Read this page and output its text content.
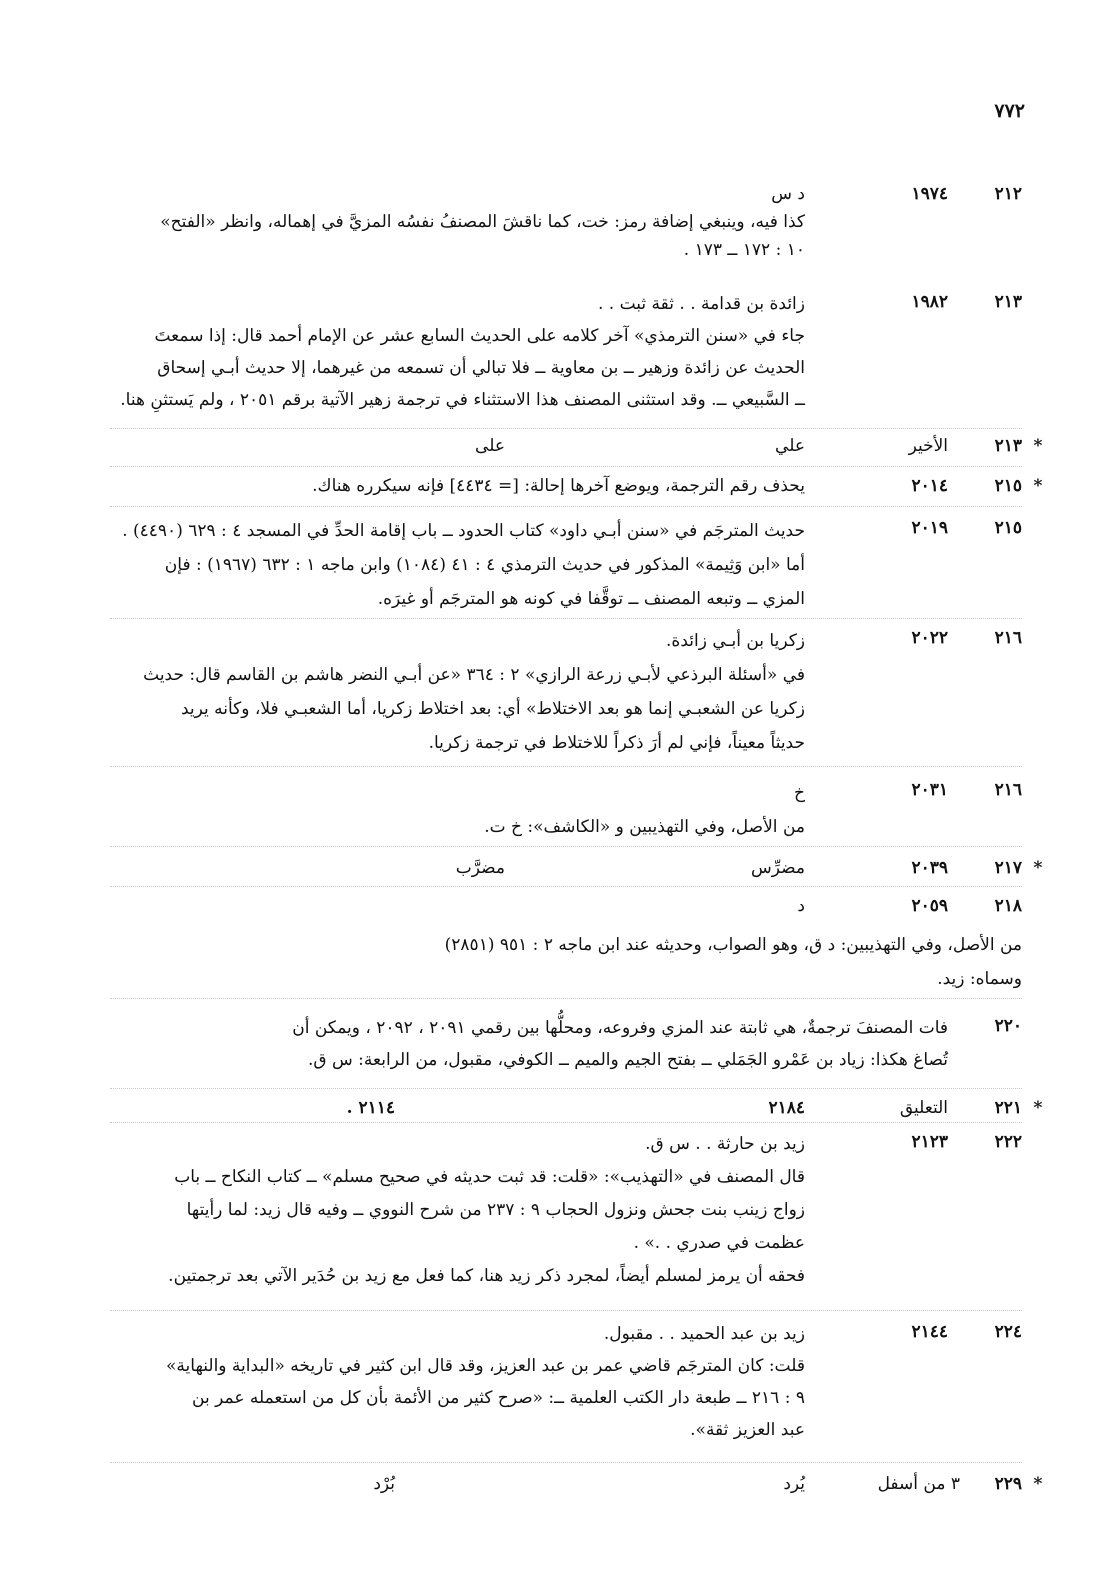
٧٧٢
٢١٢
١٩٧٤
د س
كذا فيه، وينبغي إضافة رمز: خت، كما ناقشَ المصنفُ نفسُه المزيَّ في إهماله، وانظر «الفتح»
١٠ : ١٧٢ ــ ١٧٣ .
٢١٣
١٩٨٢
زائدة بن قدامة . . ثقة ثبت . .
جاء في «سنن الترمذي» آخر كلامه على الحديث السابع عشر عن الإمام أحمد قال: إذا سمعتَ
الحديث عن زائدة وزهير ــ بن معاوية ــ فلا تبالي أن تسمعه من غيرهما، إلا حديث أبـي إسحاق
ــ السَّبيعي ــ. وقد استثنى المصنف هذا الاستثناء في ترجمة زهير الآتية برقم ٢٠٥١ ، ولم يَستثنِ هنا.
*
٢١٣
الأخير
علي
على
*
٢١٥
٢٠١٤
يحذف رقم الترجمة، ويوضع آخرها إحالة: [= ٤٤٣٤] فإنه سيكرره هناك.
٢١٥
٢٠١٩
حديث المترجَم في «سنن أبـي داود» كتاب الحدود ــ باب إقامة الحدِّ في المسجد ٤ : ٦٢٩ (٤٤٩٠) .
أما «ابن وَثِيمة» المذكور في حديث الترمذي ٤ : ٤١ (١٠٨٤) وابن ماجه ١ : ٦٣٢ (١٩٦٧) : فإن
المزي ــ وتبعه المصنف ــ توقَّفا في كونه هو المترجَم أو غيرَه.
٢١٦
٢٠٢٢
زكريا بن أبـي زائدة.
في «أسئلة البرذعي لأبـي زرعة الرازي» ٢ : ٣٦٤ «عن أبـي النضر هاشم بن القاسم قال: حديث
زكريا عن الشعبـي إنما هو بعد الاختلاط» أي: بعد اختلاط زكريا، أما الشعبـي فلا، وكأنه يريد
حديثاً معيناً، فإني لم أرَ ذكراً للاختلاط في ترجمة زكريا.
٢١٦
٢٠٣١
خ
من الأصل، وفي التهذيبين و «الكاشف»: خ ت.
*
٢١٧
٢٠٣٩
مضرِّس
مضرَّب
٢١٨
٢٠٥٩
د
من الأصل، وفي التهذيبين: د ق، وهو الصواب، وحديثه عند ابن ماجه ٢ : ٩٥١ (٢٨٥١)
وسماه: زيد.
٢٢٠
فات المصنفَ ترجمةٌ، هي ثابتة عند المزي وفروعه، ومحلُّها بين رقمي ٢٠٩١ ، ٢٠٩٢ ، ويمكن أن
تُصاغ هكذا: زياد بن عَمْرو الجَمَلي ــ بفتح الجيم والميم ــ الكوفي، مقبول، من الرابعة: س ق.
*
٢٢١
التعليق
٢١٨٤
٢١١٤ .
٢٢٢
٢١٢٣
زيد بن حارثة . . س ق.
قال المصنف في «التهذيب»: «قلت: قد ثبت حديثه في صحيح مسلم» ــ كتاب النكاح ــ باب
زواج زينب بنت جحش ونزول الحجاب ٩ : ٢٣٧ من شرح النووي ــ وفيه قال زيد: لما رأيتها
عظمت في صدري . .» .
فحقه أن يرمز لمسلم أيضاً، لمجرد ذكر زيد هنا، كما فعل مع زيد بن حُدَير الآتي بعد ترجمتين.
٢٢٤
٢١٤٤
زيد بن عبد الحميد . . مقبول.
قلت: كان المترجَم قاضي عمر بن عبد العزيز، وقد قال ابن كثير في تاريخه «البداية والنهاية»
٩ : ٢١٦ ــ طبعة دار الكتب العلمية ــ: «صرح كثير من الأئمة بأن كل من استعمله عمر بن
عبد العزيز ثقة».
*
٢٢٩
٣ من أسفل
يُرد
بُرْد
